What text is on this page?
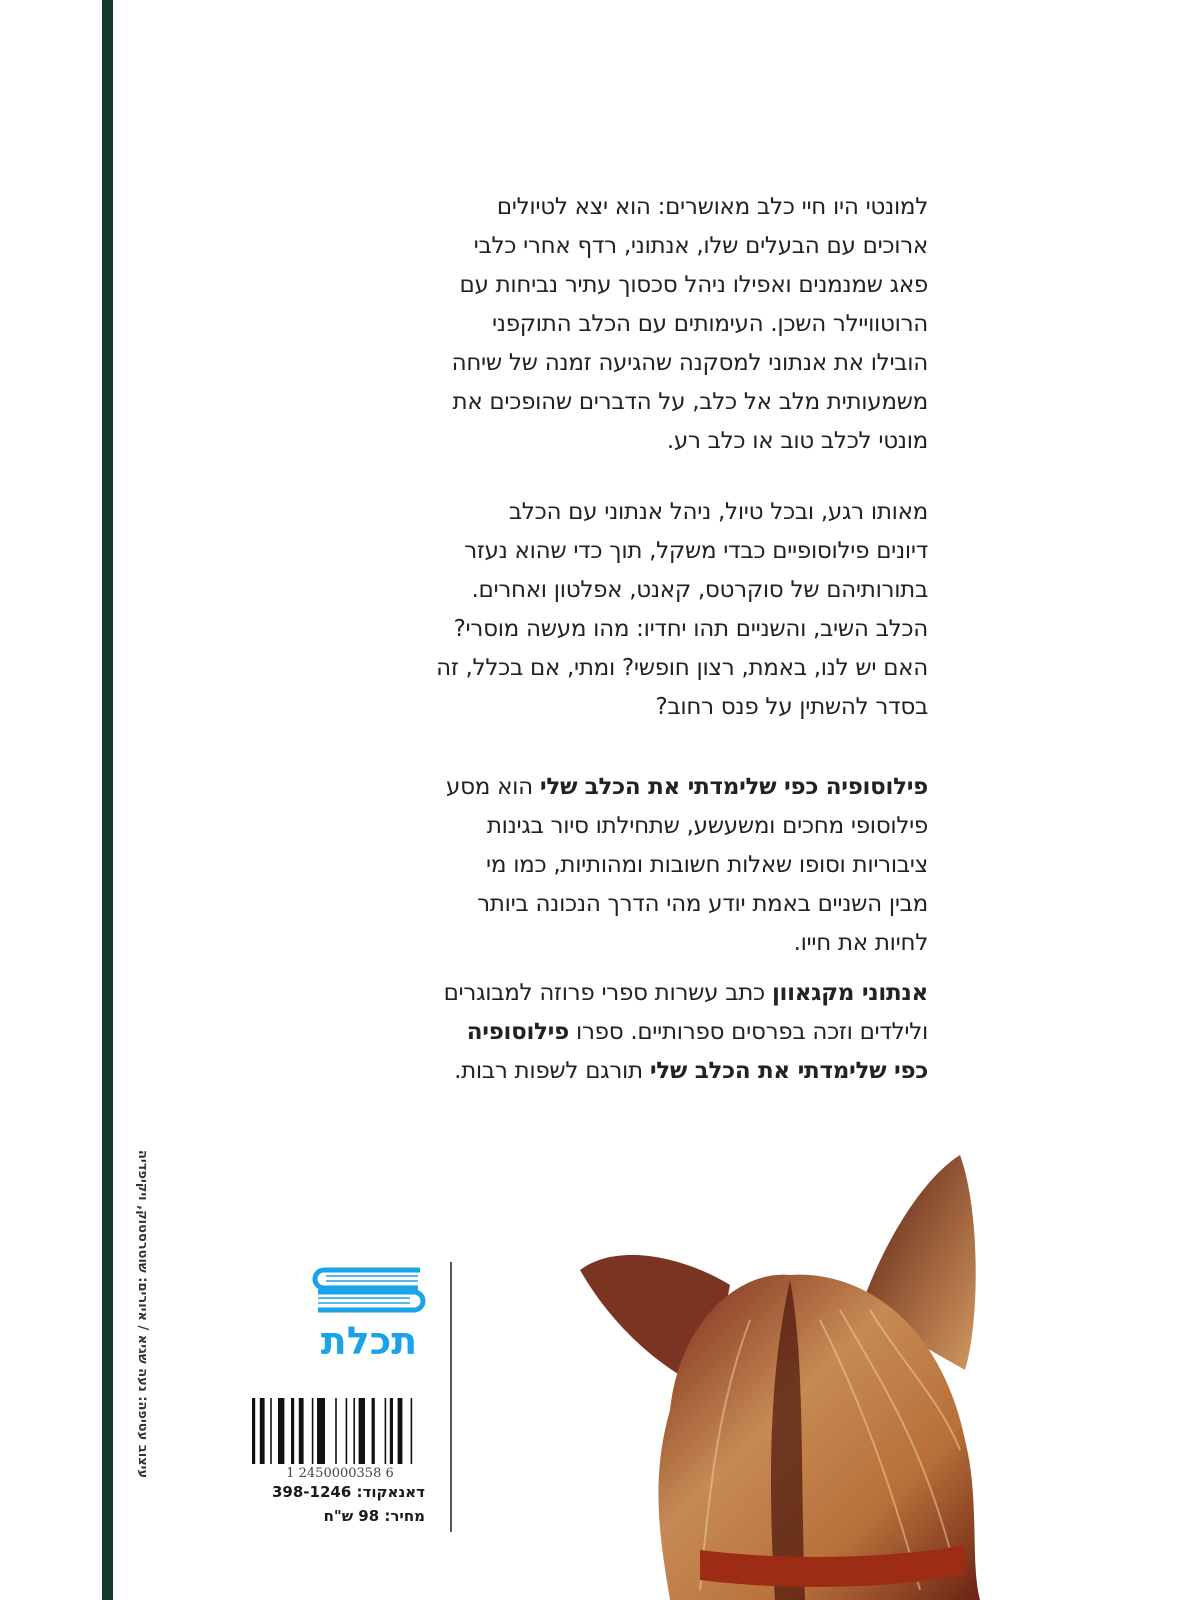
למונטי היו חיי כלב מאושרים: הוא יצא לטיולים
ארוכים עם הבעלים שלו, אנתוני, רדף אחרי כלבי
פאג שמנמנים ואפילו ניהל סכסוך עתיר נביחות עם
הרוטוויילר השכן. העימותים עם הכלב התוקפני
הובילו את אנתוני למסקנה שהגיעה זמנה של שיחה
משמעותית מלב אל כלב, על הדברים שהופכים את
מונטי לכלב טוב או כלב רע.
מאותו רגע, ובכל טיול, ניהל אנתוני עם הכלב
דיונים פילוסופיים כבדי משקל, תוך כדי שהוא נעזר
בתורותיהם של סוקרטס, קאנט, אפלטון ואחרים.
הכלב השיב, והשניים תהו יחדיו: מהו מעשה מוסרי?
האם יש לנו, באמת, רצון חופשי? ומתי, אם בכלל, זה
בסדר להשתין על פנס רחוב?
פילוסופיה כפי שלימדתי את הכלב שלי הוא מסע
פילוסופי מחכים ומשעשע, שתחילתו סיור בגינות
ציבוריות וסופו שאלות חשובות ומהותיות, כמו מי
מבין השניים באמת יודע מהי הדרך הנכונה ביותר
לחיות את חייו.
אנתוני מקגאוון כתב עשרות ספרי פרוזה למבוגרים
ולילדים וזכה בפרסים ספרותיים. ספרו פילוסופיה
כפי שלימדתי את הכלב שלי תורגם לשפות רבות.
עיצוב עטיפה: נעה שגיא / איורים: שוטרסטוק, ויקיפדיה	תכלת
1 2450000358 6
דאנאקוד: 398-1246
מחיר: 98 ש"ח
